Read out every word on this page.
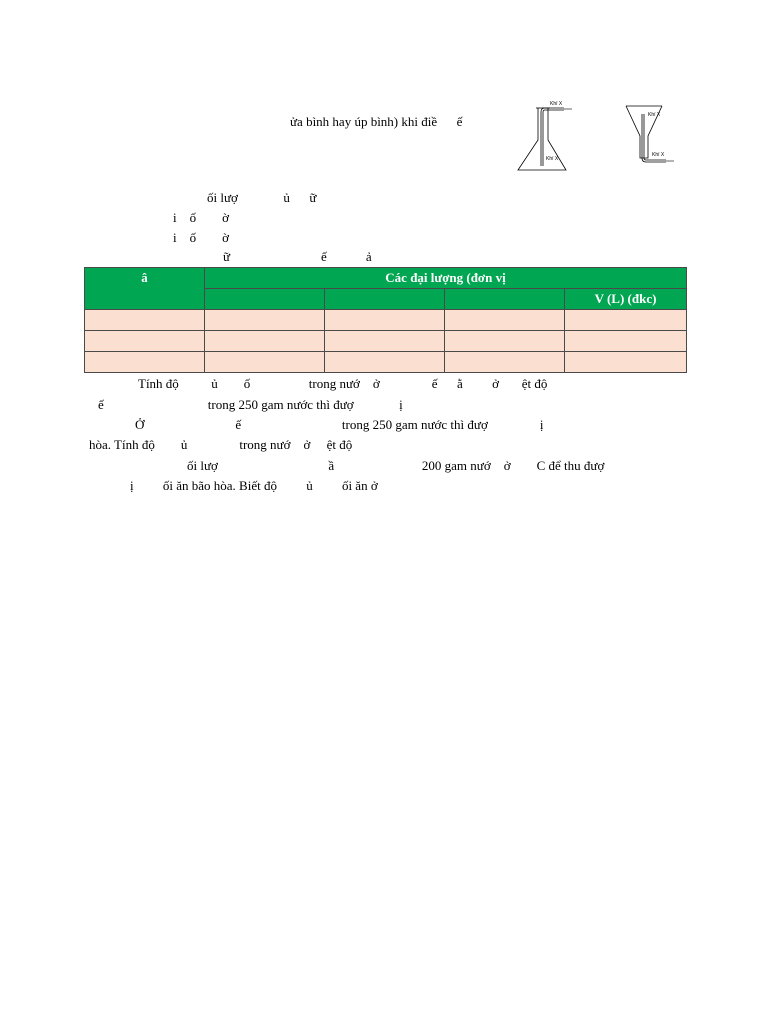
ửa bình hay úp bình) khi điề      ế
Khí X
Khí X
Khí X
Khí X
ối lượ              ủ      ữ
i    ố        ờ
i    ố        ờ
ữ                            ế            ả
â	Các đại lượng (đơn vị			
				V (L) (đkc)

Tính độ          ủ        ố                  trong nướ    ở                ế      ằ         ở       ệt độ
ế                                trong 250 gam nước thì đượ              ị
Ở                            ế                               trong 250 gam nước thì đượ                ị
hòa. Tính độ        ủ                trong nướ    ở     ệt độ
ối lượ                                  ầ                           200 gam nướ    ở        C để thu đượ
ị         ối ăn bão hòa. Biết độ         ủ         ối ăn ở
